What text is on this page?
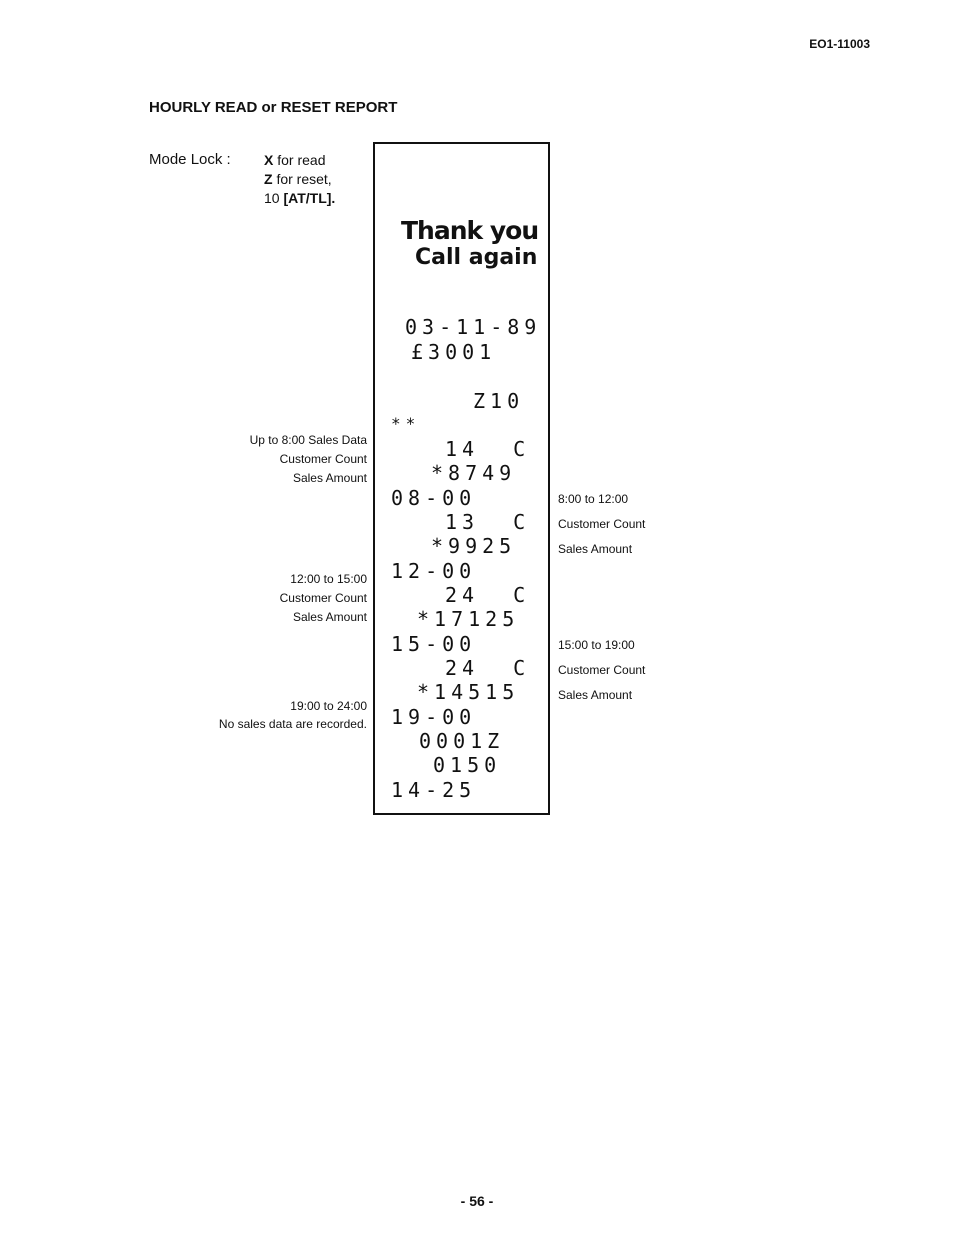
EO1-11003
HOURLY READ or RESET REPORT
Mode Lock : X for read
Z for reset,
10 [AT/TL].
Up to 8:00 Sales Data
Customer Count
Sales Amount
12:00 to 15:00
Customer Count
Sales Amount
19:00 to 24:00
No sales data are recorded.
8:00 to 12:00
Customer Count
Sales Amount
15:00 to 19:00
Customer Count
Sales Amount
Thank you
Call again
03-11-89
£3001
Z10
**
14  C
*8749
08-00
13  C
*9925
12-00
24  C
*17125
15-00
24  C
*14515
19-00
0001Z
0150
14-25
- 56 -
